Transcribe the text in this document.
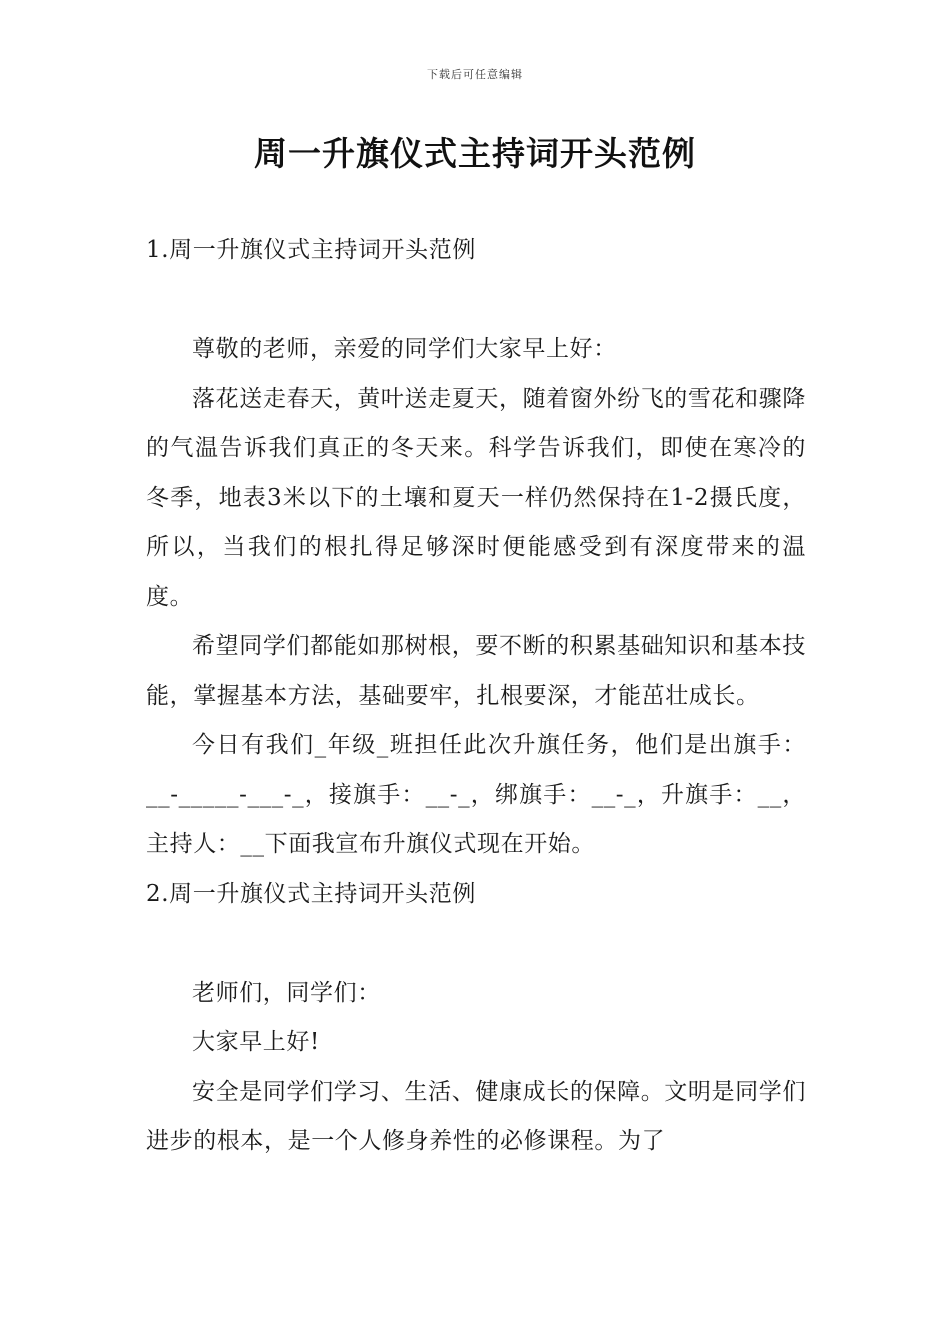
下载后可任意编辑
周一升旗仪式主持词开头范例
1.周一升旗仪式主持词开头范例

尊敬的老师，亲爱的同学们大家早上好：

落花送走春天，黄叶送走夏天，随着窗外纷飞的雪花和骤降的气温告诉我们真正的冬天来。科学告诉我们，即使在寒冷的冬季，地表3米以下的土壤和夏天一样仍然保持在1-2摄氏度，所以，当我们的根扎得足够深时便能感受到有深度带来的温度。

希望同学们都能如那树根，要不断的积累基础知识和基本技能，掌握基本方法，基础要牢，扎根要深，才能茁壮成长。

今日有我们_年级_班担任此次升旗任务，他们是出旗手：__-_____-___-_，接旗手：__-_，绑旗手：__-_，升旗手：__，主持人：__下面我宣布升旗仪式现在开始。

2.周一升旗仪式主持词开头范例

老师们，同学们：

大家早上好!

安全是同学们学习、生活、健康成长的保障。文明是同学们进步的根本，是一个人修身养性的必修课程。为了
